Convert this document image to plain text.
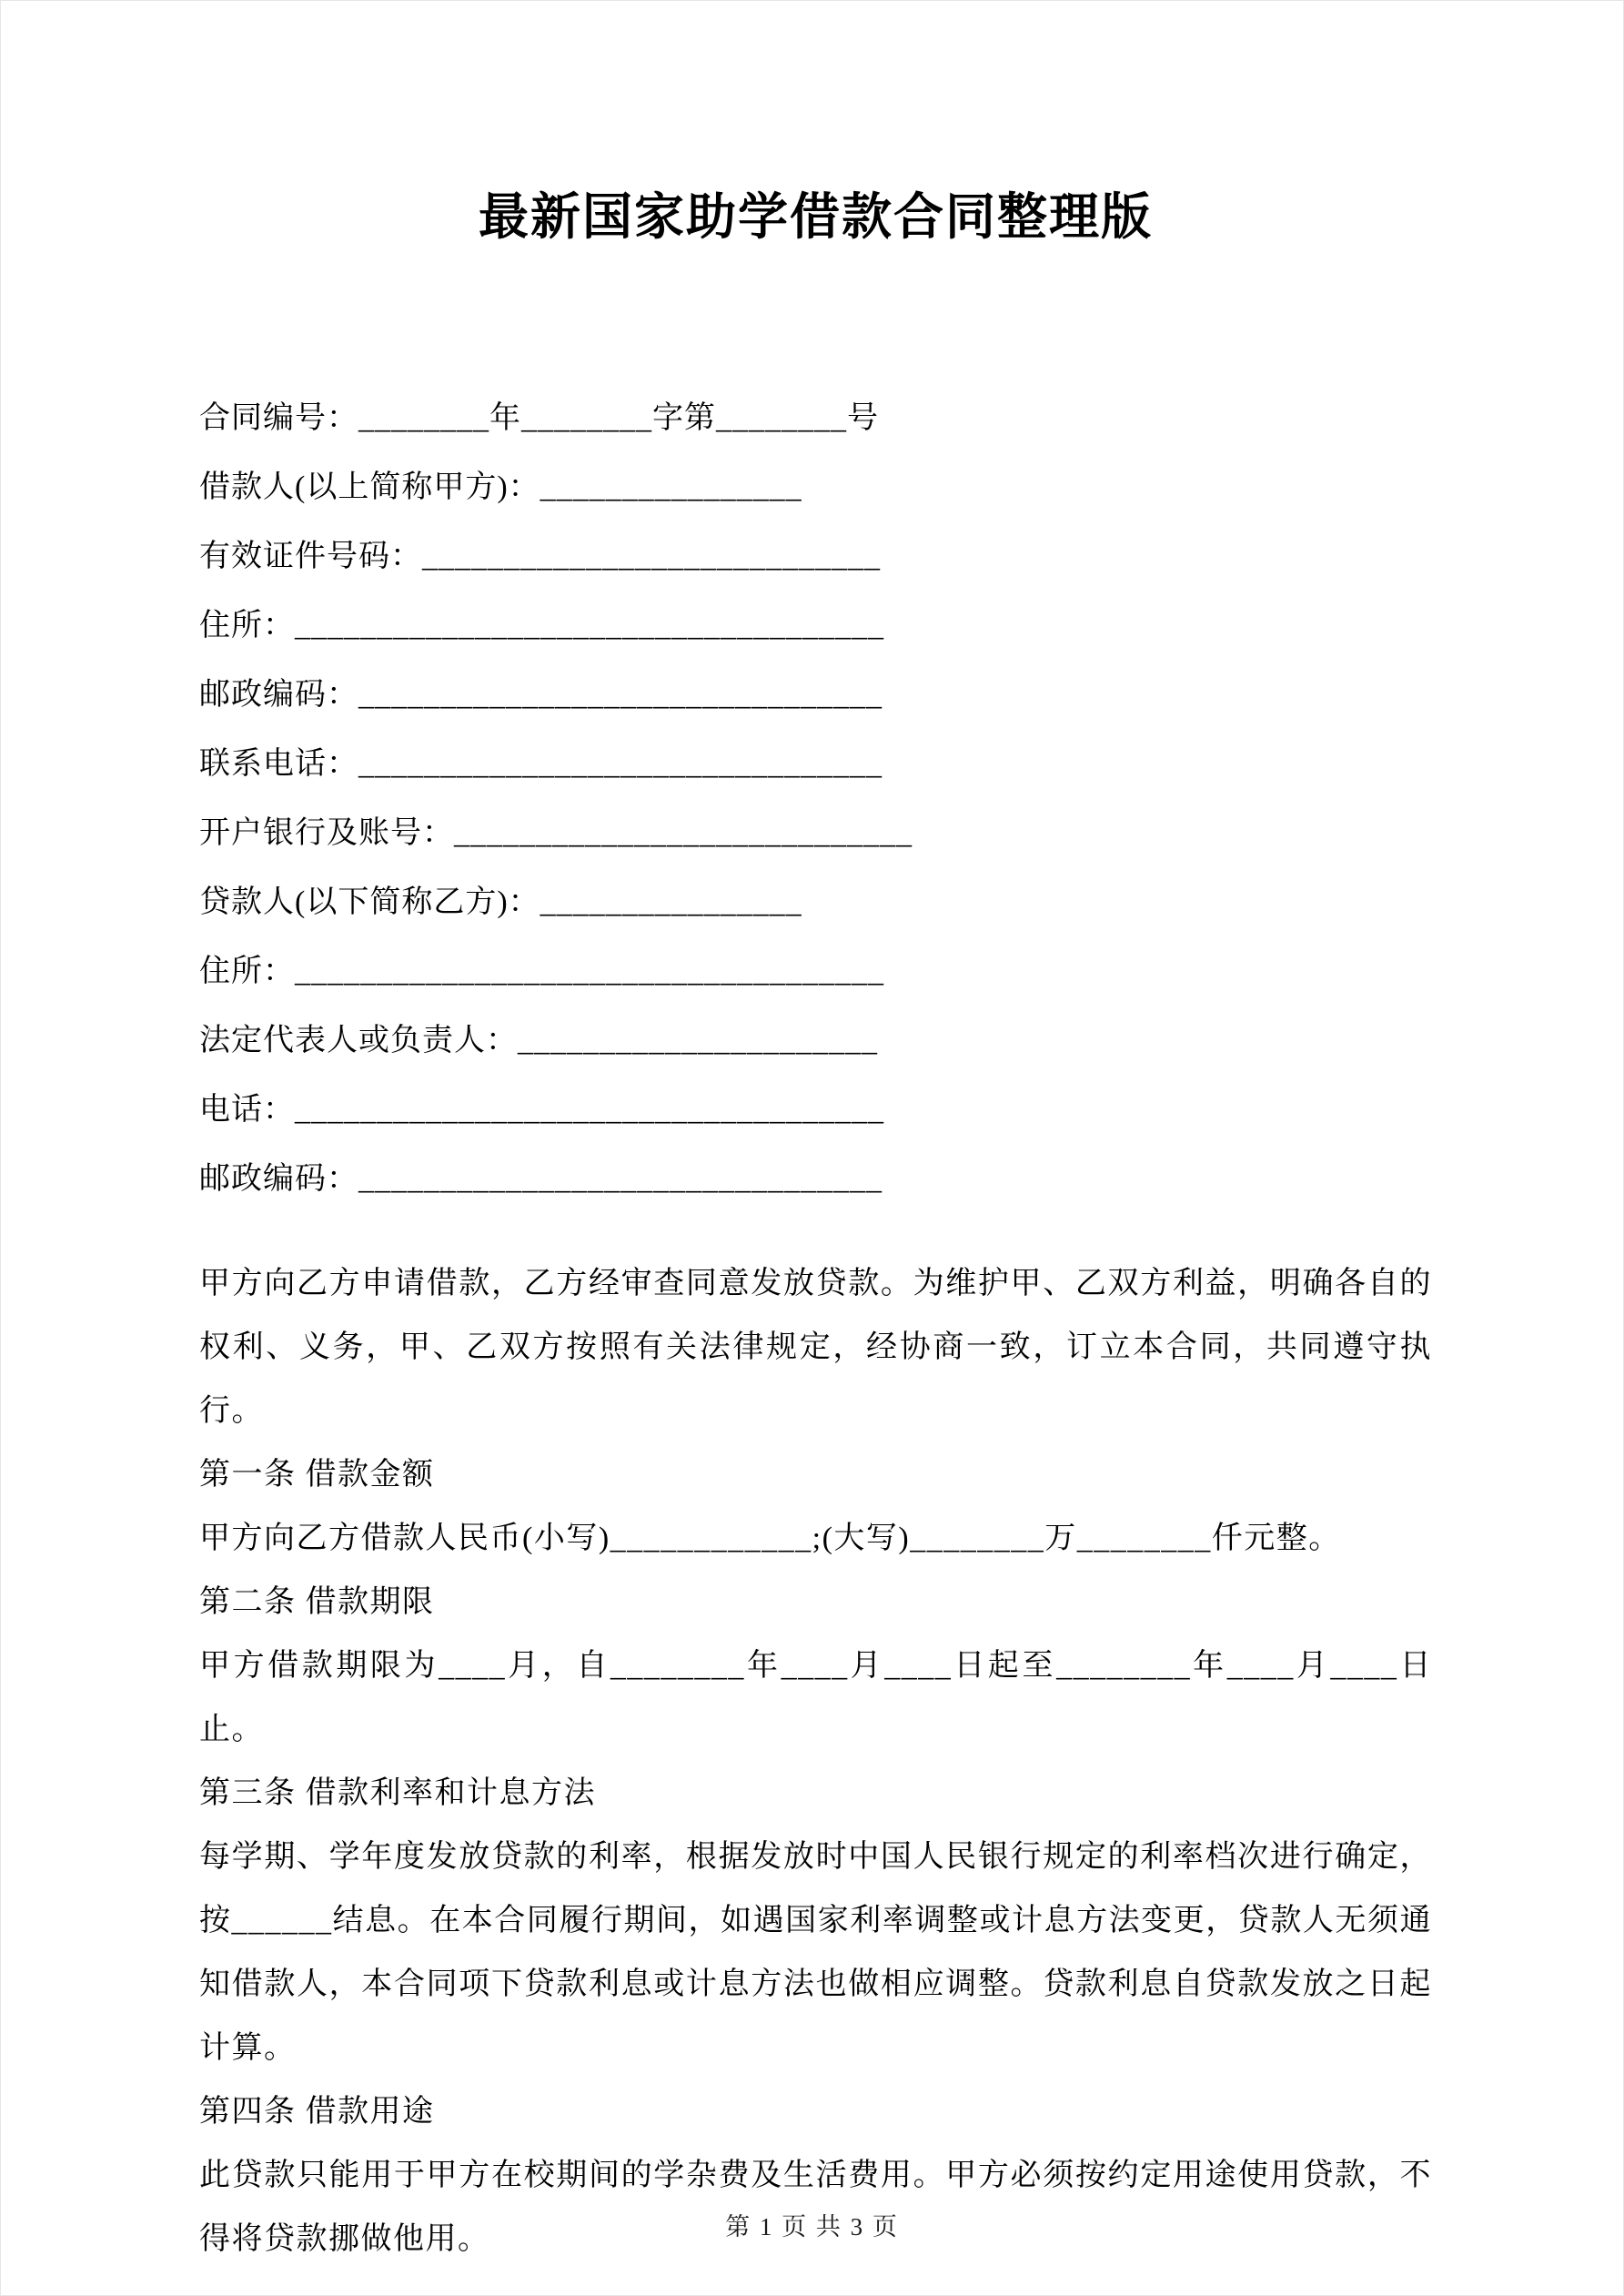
最新国家助学借款合同整理版

合同编号：________年________字第________号

借款人(以上简称甲方)：________________

有效证件号码：____________________________

住所：____________________________________

邮政编码：________________________________

联系电话：________________________________

开户银行及账号：____________________________

贷款人(以下简称乙方)：________________

住所：____________________________________

法定代表人或负责人：______________________

电话：____________________________________

邮政编码：________________________________

甲方向乙方申请借款，乙方经审查同意发放贷款。为维护甲、乙双方利益，明确各自的权利、义务，甲、乙双方按照有关法律规定，经协商一致，订立本合同，共同遵守执行。

第一条 借款金额

甲方向乙方借款人民币(小写)____________;(大写)________万________仟元整。

第二条 借款期限

甲方借款期限为____月，自________年____月____日起至________年____月____日止。

第三条 借款利率和计息方法

每学期、学年度发放贷款的利率，根据发放时中国人民银行规定的利率档次进行确定，按______结息。在本合同履行期间，如遇国家利率调整或计息方法变更，贷款人无须通知借款人，本合同项下贷款利息或计息方法也做相应调整。贷款利息自贷款发放之日起计算。

第四条 借款用途

此贷款只能用于甲方在校期间的学杂费及生活费用。甲方必须按约定用途使用贷款，不得将贷款挪做他用。	第 1 页 共 3 页
